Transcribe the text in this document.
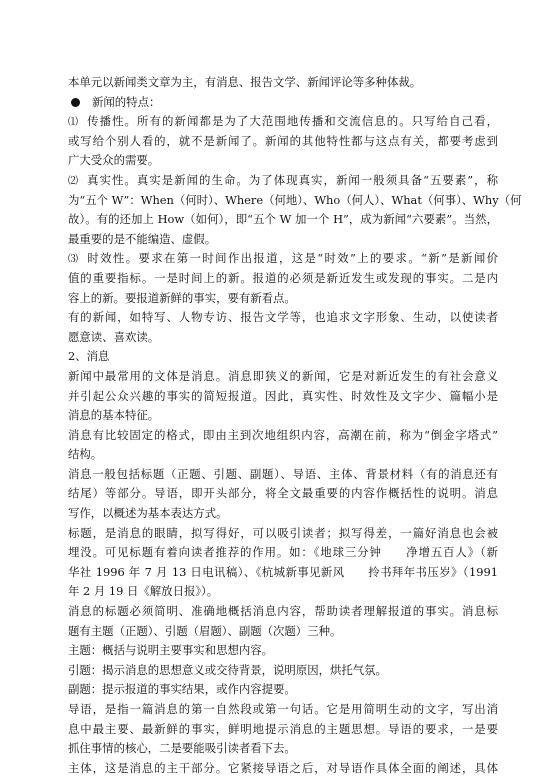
本单元以新闻类文章为主，有消息、报告文学、新闻评论等多种体裁。
新闻的特点：
⑴ 传播性。所有的新闻都是为了大范围地传播和交流信息的。只写给自己看，
或写给个别人看的，就不是新闻了。新闻的其他特性都与这点有关，都要考虑到
广大受众的需要。
⑵ 真实性。真实是新闻的生命。为了体现真实，新闻一般须具备“五要素”，称
为“五个 W”：When（何时）、Where（何地）、Who（何人）、What（何事）、Why（何
故）。有的还加上 How（如何），即“五个 W 加一个 H”，成为新闻“六要素”。当然，
最重要的是不能编造、虚假。
⑶ 时效性。要求在第一时间作出报道，这是“时效”上的要求。“新”是新闻价
值的重要指标。一是时间上的新。报道的必须是新近发生或发现的事实。二是内
容上的新。要报道新鲜的事实，要有新看点。
有的新闻，如特写、人物专访、报告文学等，也追求文字形象、生动，以使读者
愿意读、喜欢读。
2、消息
新闻中最常用的文体是消息。消息即狭义的新闻，它是对新近发生的有社会意义
并引起公众兴趣的事实的简短报道。因此，真实性、时效性及文字少、篇幅小是
消息的基本特征。
消息有比较固定的格式，即由主到次地组织内容，高潮在前，称为“倒金字塔式”
结构。
消息一般包括标题（正题、引题、副题）、导语、主体、背景材料（有的消息还有
结尾）等部分。导语，即开头部分，将全文最重要的内容作概括性的说明。消息
写作，以概述为基本表达方式。
标题，是消息的眼睛，拟写得好，可以吸引读者；拟写得差，一篇好消息也会被
埋没。可见标题有着向读者推荐的作用。如：《地球三分钟　　净增五百人》（新
华社 1996 年 7 月 13 日电讯稿）、《杭城新事见新风　　拎书拜年书压岁》（1991
年 2 月 19 日《解放日报》）。
消息的标题必须简明、准确地概括消息内容，帮助读者理解报道的事实。消息标
题有主题（正题）、引题（眉题）、副题（次题）三种。
主题：概括与说明主要事实和思想内容。
引题：揭示消息的思想意义或交待背景，说明原因，烘托气氛。
副题：提示报道的事实结果，或作内容提要。
导语，是指一篇消息的第一自然段或第一句话。它是用简明生动的文字，写出消
息中最主要、最新鲜的事实，鲜明地提示消息的主题思想。导语的要求，一是要
抓住事情的核心，二是要能吸引读者看下去。
主体，这是消息的主干部分。它紧接导语之后，对导语作具体全面的阐述，具体
